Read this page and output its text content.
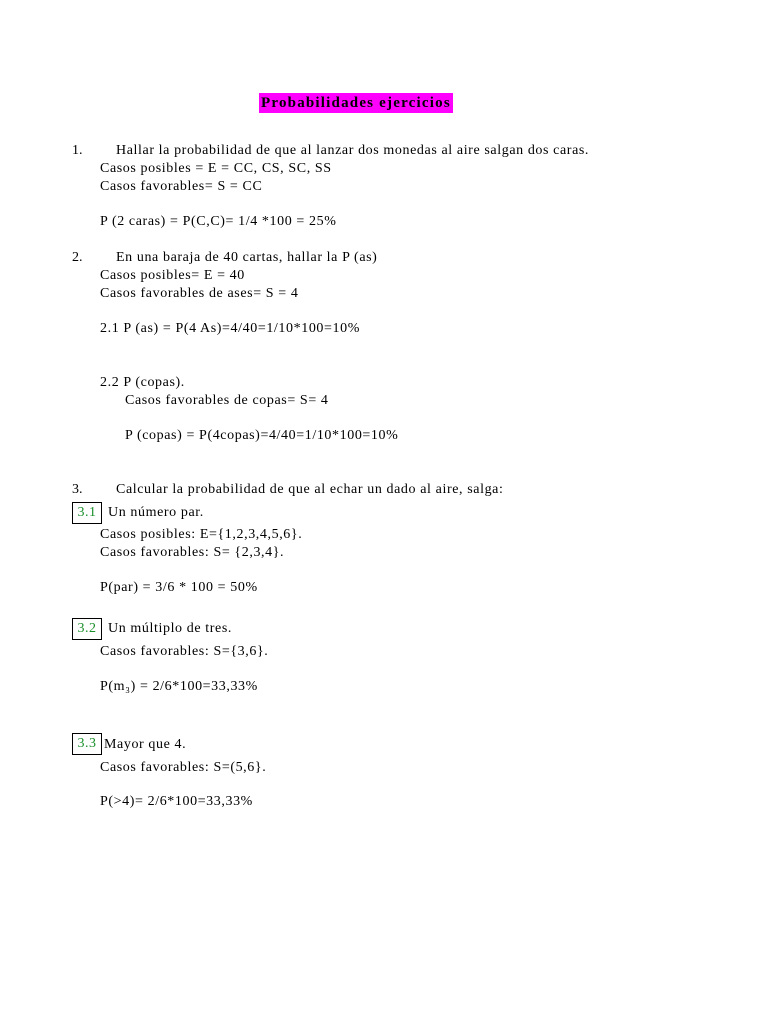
Probabilidades ejercicios
1. Hallar la probabilidad de que al lanzar dos monedas al aire salgan dos caras.
Casos posibles = E = CC, CS, SC, SS
Casos favorables= S = CC
P (2 caras) = P(C,C)= 1/4 *100 = 25%
2. En una baraja de 40 cartas, hallar la P (as)
Casos posibles= E = 40
Casos favorables de ases= S = 4
2.1 P (as) = P(4 As)=4/40=1/10*100=10%
2.2 P (copas).
Casos favorables de copas= S= 4
P (copas) = P(4copas)=4/40=1/10*100=10%
3. Calcular la probabilidad de que al echar un dado al aire, salga:
3.1 Un número par.
Casos posibles: E={1,2,3,4,5,6}.
Casos favorables: S= {2,3,4}.
P(par) = 3/6 * 100 = 50%
3.2 Un múltiplo de tres.
Casos favorables: S={3,6}.
P(m₃) = 2/6*100=33,33%
3.3 Mayor que 4.
Casos favorables: S=(5,6}.
P(>4)= 2/6*100=33,33%
